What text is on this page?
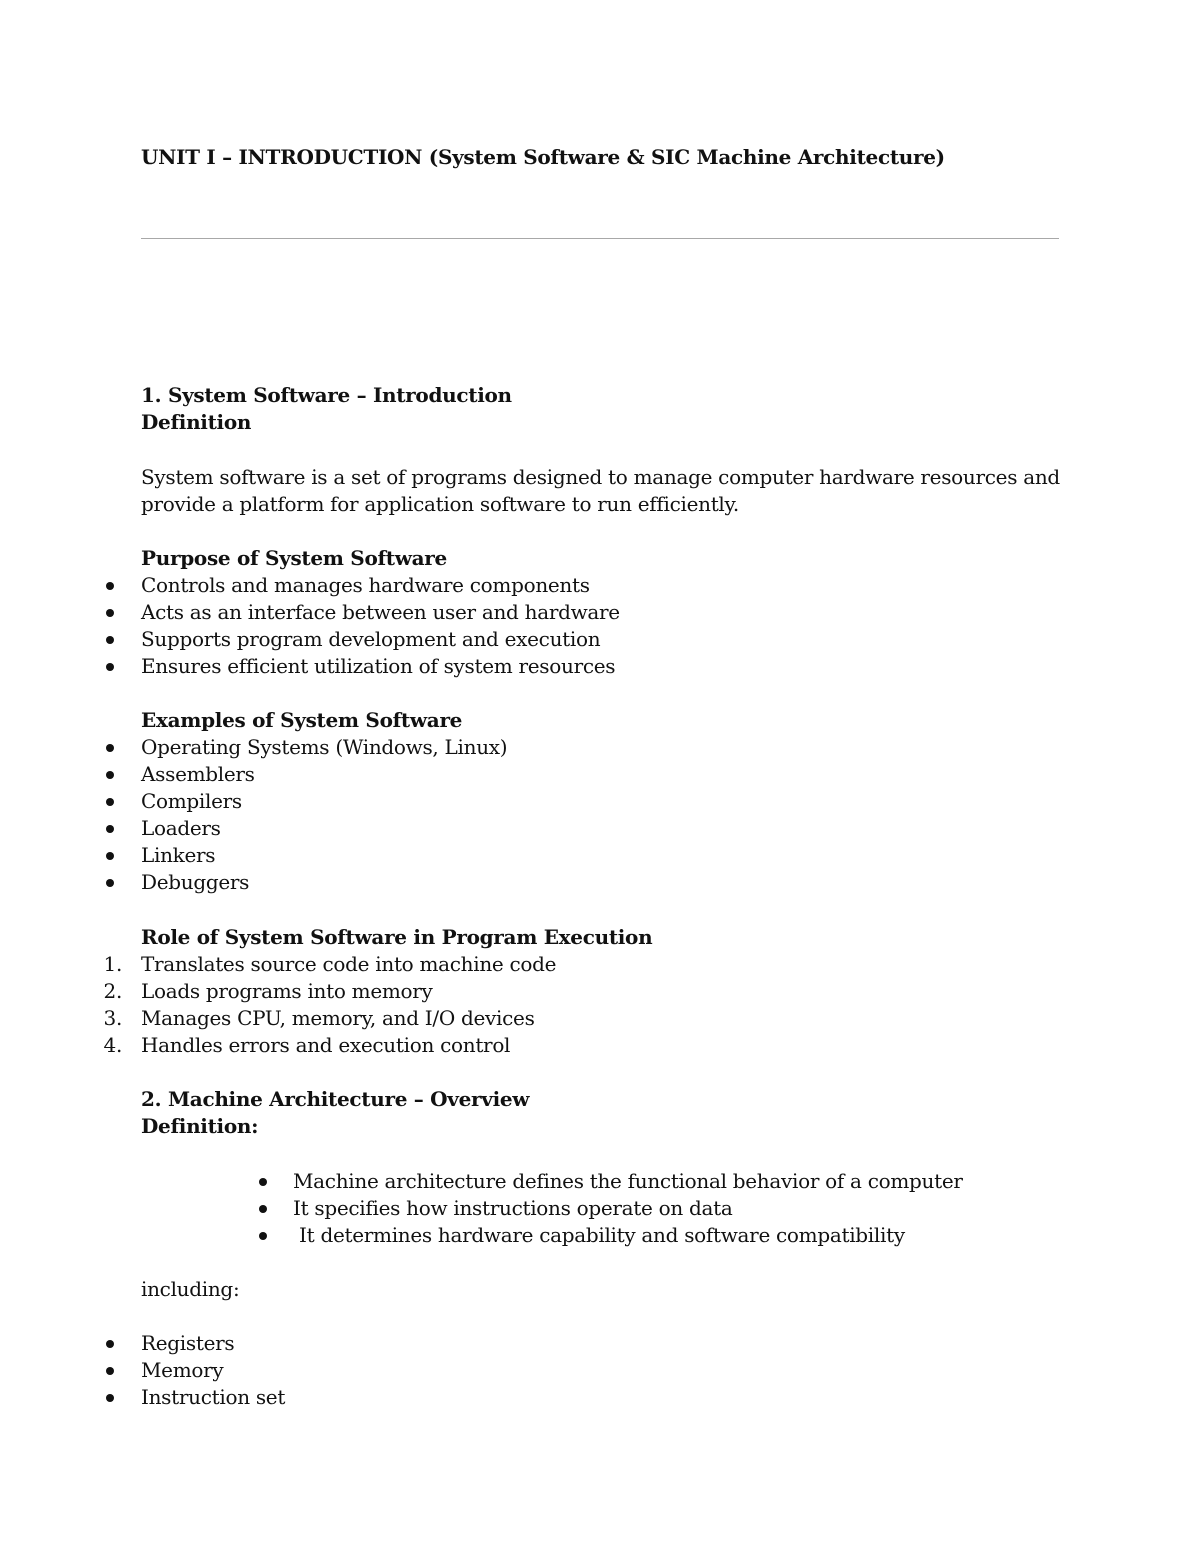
UNIT I – INTRODUCTION (System Software & SIC Machine Architecture)
1. System Software – Introduction
Definition
System software is a set of programs designed to manage computer hardware resources and
provide a platform for application software to run efficiently.
Purpose of System Software
Controls and manages hardware components
Acts as an interface between user and hardware
Supports program development and execution
Ensures efficient utilization of system resources
Examples of System Software
Operating Systems (Windows, Linux)
Assemblers
Compilers
Loaders
Linkers
Debuggers
Role of System Software in Program Execution
1. Translates source code into machine code
2. Loads programs into memory
3. Manages CPU, memory, and I/O devices
4. Handles errors and execution control
2. Machine Architecture – Overview
Definition:
Machine architecture defines the functional behavior of a computer
It specifies how instructions operate on data
It determines hardware capability and software compatibility
including:
Registers
Memory
Instruction set
